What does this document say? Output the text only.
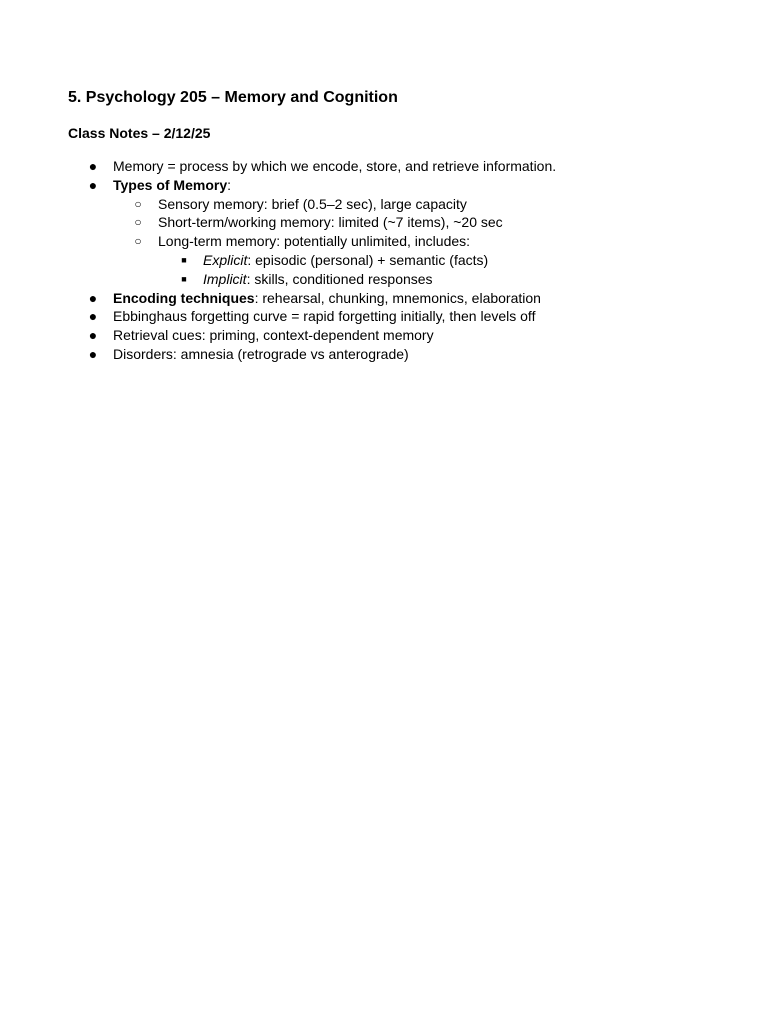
5. Psychology 205 – Memory and Cognition
Class Notes – 2/12/25
● Memory = process by which we encode, store, and retrieve information.
● Types of Memory:
○ Sensory memory: brief (0.5–2 sec), large capacity
○ Short-term/working memory: limited (~7 items), ~20 sec
○ Long-term memory: potentially unlimited, includes:
■	Explicit: episodic (personal) + semantic (facts)
■	Implicit: skills, conditioned responses
● Encoding techniques: rehearsal, chunking, mnemonics, elaboration
● Ebbinghaus forgetting curve = rapid forgetting initially, then levels off
● Retrieval cues: priming, context-dependent memory
● Disorders: amnesia (retrograde vs anterograde)
